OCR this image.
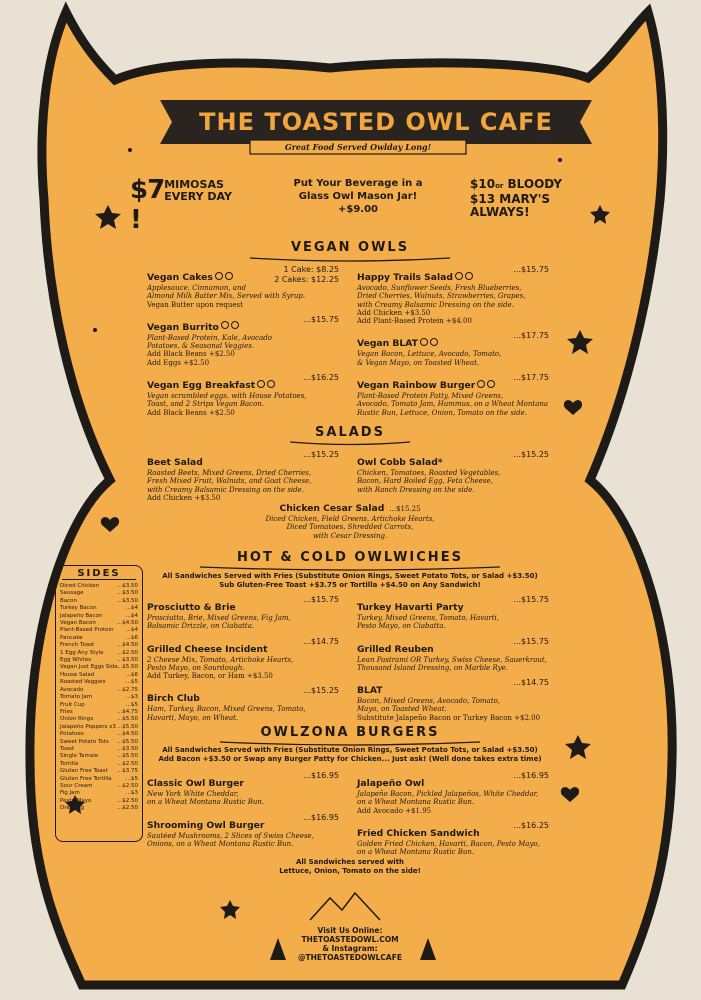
THE TOASTED OWL CAFE
Great Food Served Owlday Long!
$7MIMOSAS
EVERY DAY!
Put Your Beverage in a
Glass Owl Mason Jar!
+$9.00
$10or BLOODY
$13 MARY'S
ALWAYS!
VEGAN OWLS
Vegan Cakes
1 Cake: $8.25
2 Cakes: $12.25
Applesauce, Cinnamon, and
Almond Milk Batter Mix, Served with Syrup.
Vegan Butter upon request
Vegan Burrito
...$15.75
Plant-Based Protein, Kale, Avocado
Potatoes, & Seasonal Veggies.
Add Black Beans +$2.50
Add Eggs +$2.50
Vegan Egg Breakfast
...$16.25
Vegan scrambled eggs, with House Potatoes,
Toast, and 2 Strips Vegan Bacon.
Add Black Beans +$2.50
Happy Trails Salad
...$15.75
Avocado, Sunflower Seeds, Fresh Blueberries,
Dried Cherries, Walnuts, Strawberries, Grapes,
with Creamy Balsamic Dressing on the side.
Add Chicken +$3.50
Add Plant-Based Protein +$4.00
Vegan BLAT
...$17.75
Vegan Bacon, Lettuce, Avocado, Tomato,
& Vegan Mayo, on Toasted Wheat.
Vegan Rainbow Burger
...$17.75
Plant-Based Protein Patty, Mixed Greens,
Avocado, Tomato Jam, Hummus, on a Wheat Montana
Rustic Bun, Lettuce, Onion, Tomato on the side.
SALADS
Beet Salad
...$15.25
Roasted Beets, Mixed Greens, Dried Cherries,
Fresh Mixed Fruit, Walnuts, and Goat Cheese,
with Creamy Balsamic Dressing on the side.
Add Chicken +$3.50
Owl Cobb Salad*
...$15.25
Chicken, Tomatoes, Roasted Vegetables,
Bacon, Hard Boiled Egg, Feta Cheese,
with Ranch Dressing on the side.
Chicken Cesar Salad ...$15.25
Diced Chicken, Field Greens, Artichoke Hearts,
Diced Tomatoes, Shredded Carrots,
with Cesar Dressing.
HOT & COLD OWLWICHES
All Sandwiches Served with Fries (Substitute Onion Rings, Sweet Potato Tots, or Salad +$3.50)
Sub Gluten-Free Toast +$3.75 or Tortilla +$4.50 on Any Sandwich!
Prosciutto & Brie
...$15.75
Prosciutto, Brie, Mixed Greens, Fig Jam,
Balsamic Drizzle, on Ciabatta.
Grilled Cheese Incident
...$14.75
2 Cheese Mix, Tomato, Artichoke Hearts,
Pesto Mayo, on Sourdough.
Add Turkey, Bacon, or Ham +$3.50
Birch Club
...$15.25
Ham, Turkey, Bacon, Mixed Greens, Tomato,
Havarti, Mayo, on Wheat.
Turkey Havarti Party
...$15.75
Turkey, Mixed Greens, Tomato, Havarti,
Pesto Mayo, on Ciabatta.
Grilled Reuben
...$15.75
Lean Pastrami OR Turkey, Swiss Cheese, Sauerkraut,
Thousand Island Dressing, on Marble Rye.
BLAT
...$14.75
Bacon, Mixed Greens, Avocado, Tomato,
Mayo, on Toasted Wheat.
Substitute Jalapeño Bacon or Turkey Bacon +$2.00
OWLZONA BURGERS
All Sandwiches Served with Fries (Substitute Onion Rings, Sweet Potato Tots, or Salad +$3.50)
Add Bacon +$3.50 or Swap any Burger Patty for Chicken... Just ask! (Well done takes extra time)
Classic Owl Burger
...$16.95
New York White Cheddar,
on a Wheat Montana Rustic Bun.
Shrooming Owl Burger
...$16.95
Sautéed Mushrooms, 2 Slices of Swiss Cheese,
Onions, on a Wheat Montana Rustic Bun.
Jalapeño Owl
...$16.95
Jalapeño Bacon, Pickled Jalapeños, White Cheddar,
on a Wheat Montana Rustic Bun.
Add Avocado +$1.95
Fried Chicken Sandwich
...$16.25
Golden Fried Chicken, Havarti, Bacon, Pesto Mayo,
on a Wheat Montana Rustic Bun.
All Sandwiches served with
Lettuce, Onion, Tomato on the side!
SIDES
Diced Chicken	...$3.50
Sausage	...$3.50
Bacon	...$3.50
Turkey Bacon	...$4
Jalapeño Bacon	...$4
Vegan Bacon	...$4.50
Plant-Based Protein ...$4
Pancake	...$6
French Toast	...$4.50
1 Egg Any Style ...$2.50
Egg Whites	...$3.50
Vegan Just Eggs Side ...$5.50
House Salad	...$6
Roasted Veggies	...$5
Avocado	...$2.75
Tomato Jam	...$3
Fruit Cup	...$5
Fries	...$4.75
Onion Rings	...$5.50
Jalapeño Poppers x3 ...$5.50
Potatoes	...$4.50
Sweet Potato Tots ...$5.50
Toast	...$3.50
Single Tamale	...$5.50
Tortilla	...$2.50
Gluten Free Toast ...$3.75
Gluten Free Tortilla	...$5
Sour Cream	...$2.50
Fig Jam	...$3
Pesto Mayo	...$2.50
Dressing	...$2.50
Visit Us Online:
THETOASTEDOWL.COM
& Instagram:
@THETOASTEDOWLCAFE
